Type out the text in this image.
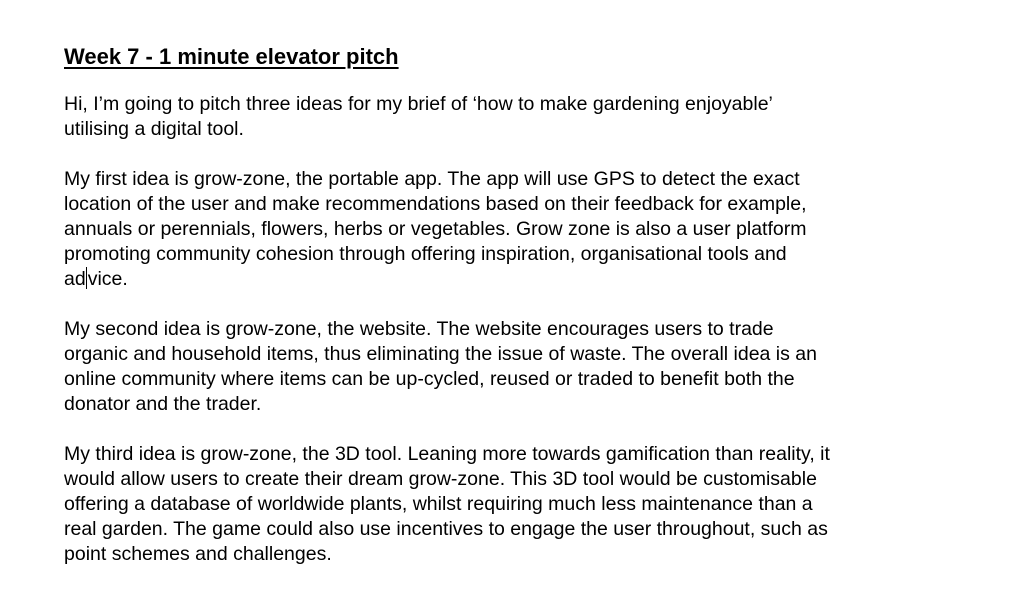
Week 7 - 1 minute elevator pitch

Hi, I’m going to pitch three ideas for my brief of ‘how to make gardening enjoyable’
utilising a digital tool.

My first idea is grow-zone, the portable app. The app will use GPS to detect the exact
location of the user and make recommendations based on their feedback for example,
annuals or perennials, flowers, herbs or vegetables. Grow zone is also a user platform
promoting community cohesion through offering inspiration, organisational tools and
ad vice.

My second idea is grow-zone, the website. The website encourages users to trade
organic and household items, thus eliminating the issue of waste. The overall idea is an
online community where items can be up-cycled, reused or traded to benefit both the
donator and the trader.

My third idea is grow-zone, the 3D tool. Leaning more towards gamification than reality, it
would allow users to create their dream grow-zone. This 3D tool would be customisable
offering a database of worldwide plants, whilst requiring much less maintenance than a
real garden. The game could also use incentives to engage the user throughout, such as
point schemes and challenges.
